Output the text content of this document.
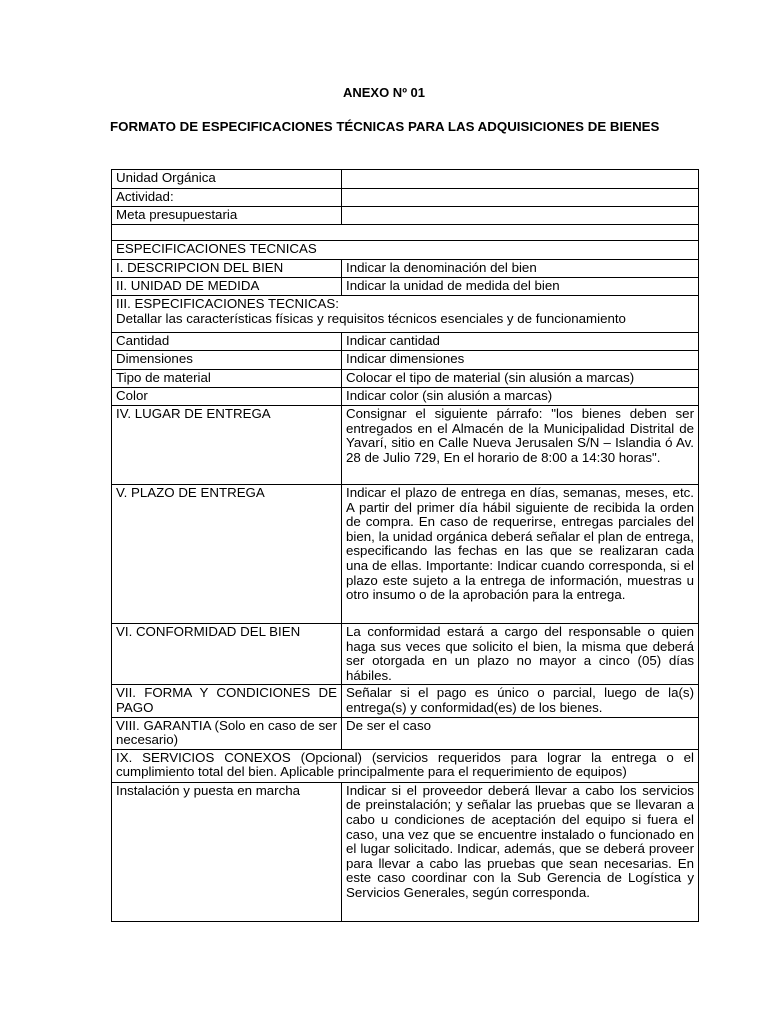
ANEXO Nº 01
FORMATO DE ESPECIFICACIONES TÉCNICAS PARA LAS ADQUISICIONES DE BIENES
Unidad Orgánica	
Actividad:	
Meta presupuestaria	

ESPECIFICACIONES TECNICAS	
I. DESCRIPCION DEL BIEN	Indicar la denominación del bien
II. UNIDAD DE MEDIDA	Indicar la unidad de medida del bien

III. ESPECIFICACIONES TECNICAS:
Detallar las características físicas y requisitos técnicos esenciales y de funcionamiento	

Cantidad	Indicar cantidad
Dimensiones	Indicar dimensiones
Tipo de material	Colocar el tipo de material (sin alusión a marcas)
Color	Indicar color (sin alusión a marcas)
IV. LUGAR DE ENTREGA	Consignar el siguiente párrafo: "los bienes deben ser entregados en el Almacén de la Municipalidad Distrital de Yavarí, sitio en Calle Nueva Jerusalen S/N – Islandia ó Av. 28 de Julio 729, En el horario de 8:00 a 14:30 horas".
V. PLAZO DE ENTREGA	Indicar el plazo de entrega en días, semanas, meses, etc. A partir del primer día hábil siguiente de recibida la orden de compra. En caso de requerirse, entregas parciales del bien, la unidad orgánica deberá señalar el plan de entrega, especificando las fechas en las que se realizaran cada una de ellas. Importante: Indicar cuando corresponda, si el plazo este sujeto a la entrega de información, muestras u otro insumo o de la aprobación para la entrega.
VI. CONFORMIDAD DEL BIEN	La conformidad estará a cargo del responsable o quien haga sus veces que solicito el bien, la misma que deberá ser otorgada en un plazo no mayor a cinco (05) días hábiles.
VII. FORMA Y CONDICIONES DE PAGO	Señalar si el pago es único o parcial, luego de la(s) entrega(s) y conformidad(es) de los bienes.
VIII. GARANTIA (Solo en caso de ser necesario)	De ser el caso
IX. SERVICIOS CONEXOS (Opcional) (servicios requeridos para lograr la entrega o el cumplimiento total del bien. Aplicable principalmente para el requerimiento de equipos)	
Instalación y puesta en marcha	Indicar si el proveedor deberá llevar a cabo los servicios de preinstalación; y señalar las pruebas que se llevaran a cabo u condiciones de aceptación del equipo si fuera el caso, una vez que se encuentre instalado o funcionado en el lugar solicitado. Indicar, además, que se deberá proveer para llevar a cabo las pruebas que sean necesarias. En este caso coordinar con la Sub Gerencia de Logística y Servicios Generales, según corresponda.
